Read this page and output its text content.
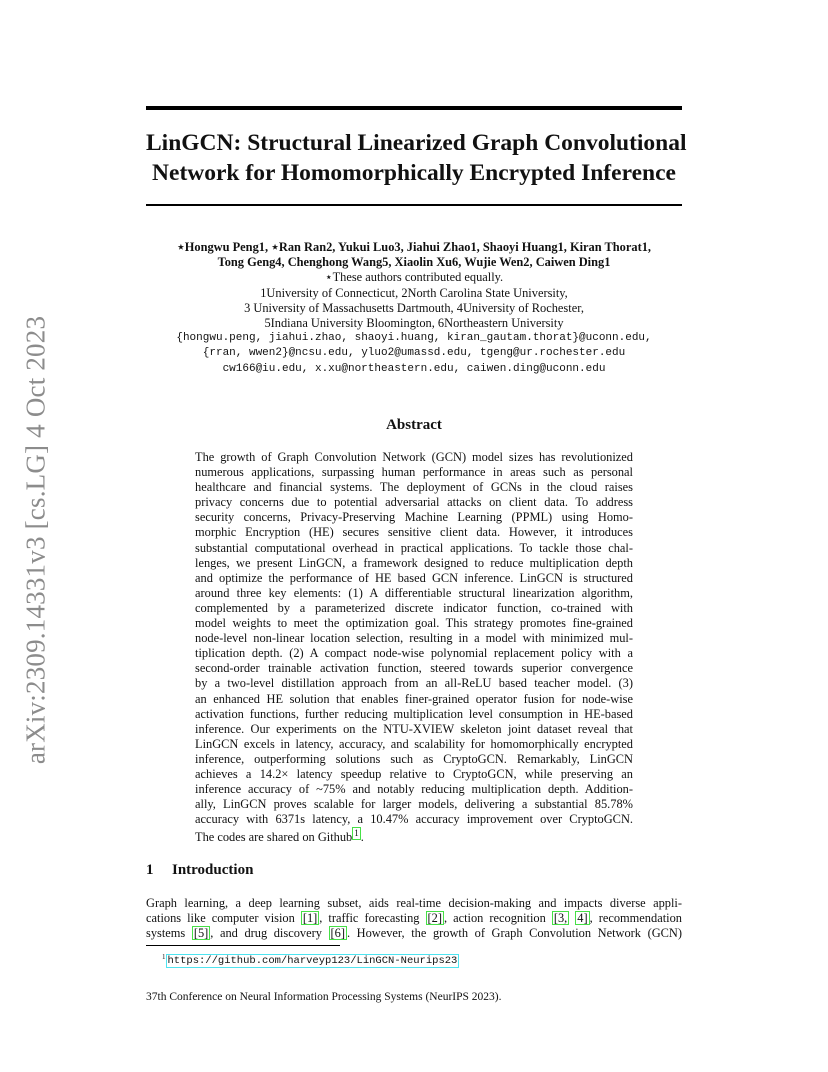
arXiv:2309.14331v3 [cs.LG] 4 Oct 2023
LinGCN: Structural Linearized Graph Convolutional
Network for Homomorphically Encrypted Inference
⋆Hongwu Peng1, ⋆Ran Ran2, Yukui Luo3, Jiahui Zhao1, Shaoyi Huang1, Kiran Thorat1,
Tong Geng4, Chenghong Wang5, Xiaolin Xu6, Wujie Wen2, Caiwen Ding1
⋆These authors contributed equally.
1University of Connecticut, 2North Carolina State University,
3 University of Massachusetts Dartmouth, 4University of Rochester,
5Indiana University Bloomington, 6Northeastern University
{hongwu.peng, jiahui.zhao, shaoyi.huang, kiran_gautam.thorat}@uconn.edu,
{rran, wwen2}@ncsu.edu, yluo2@umassd.edu, tgeng@ur.rochester.edu
cw166@iu.edu, x.xu@northeastern.edu, caiwen.ding@uconn.edu
Abstract
The growth of Graph Convolution Network (GCN) model sizes has revolutionized
numerous applications, surpassing human performance in areas such as personal
healthcare and financial systems. The deployment of GCNs in the cloud raises
privacy concerns due to potential adversarial attacks on client data. To address
security concerns, Privacy-Preserving Machine Learning (PPML) using Homo-
morphic Encryption (HE) secures sensitive client data. However, it introduces
substantial computational overhead in practical applications. To tackle those chal-
lenges, we present LinGCN, a framework designed to reduce multiplication depth
and optimize the performance of HE based GCN inference. LinGCN is structured
around three key elements: (1) A differentiable structural linearization algorithm,
complemented by a parameterized discrete indicator function, co-trained with
model weights to meet the optimization goal. This strategy promotes fine-grained
node-level non-linear location selection, resulting in a model with minimized mul-
tiplication depth. (2) A compact node-wise polynomial replacement policy with a
second-order trainable activation function, steered towards superior convergence
by a two-level distillation approach from an all-ReLU based teacher model. (3)
an enhanced HE solution that enables finer-grained operator fusion for node-wise
activation functions, further reducing multiplication level consumption in HE-based
inference. Our experiments on the NTU-XVIEW skeleton joint dataset reveal that
LinGCN excels in latency, accuracy, and scalability for homomorphically encrypted
inference, outperforming solutions such as CryptoGCN. Remarkably, LinGCN
achieves a 14.2× latency speedup relative to CryptoGCN, while preserving an
inference accuracy of ~75% and notably reducing multiplication depth. Addition-
ally, LinGCN proves scalable for larger models, delivering a substantial 85.78%
accuracy with 6371s latency, a 10.47% accuracy improvement over CryptoGCN.
The codes are shared on Github 1 .
1 Introduction
Graph learning, a deep learning subset, aids real-time decision-making and impacts diverse appli-
cations like computer vision [1] , traffic forecasting [2] , action recognition [3, 4] , recommendation
systems [5] , and drug discovery [6] . However, the growth of Graph Convolution Network (GCN)
$^1$ https://github.com/harveyp123/LinGCN-Neurips23
37th Conference on Neural Information Processing Systems (NeurIPS 2023).
